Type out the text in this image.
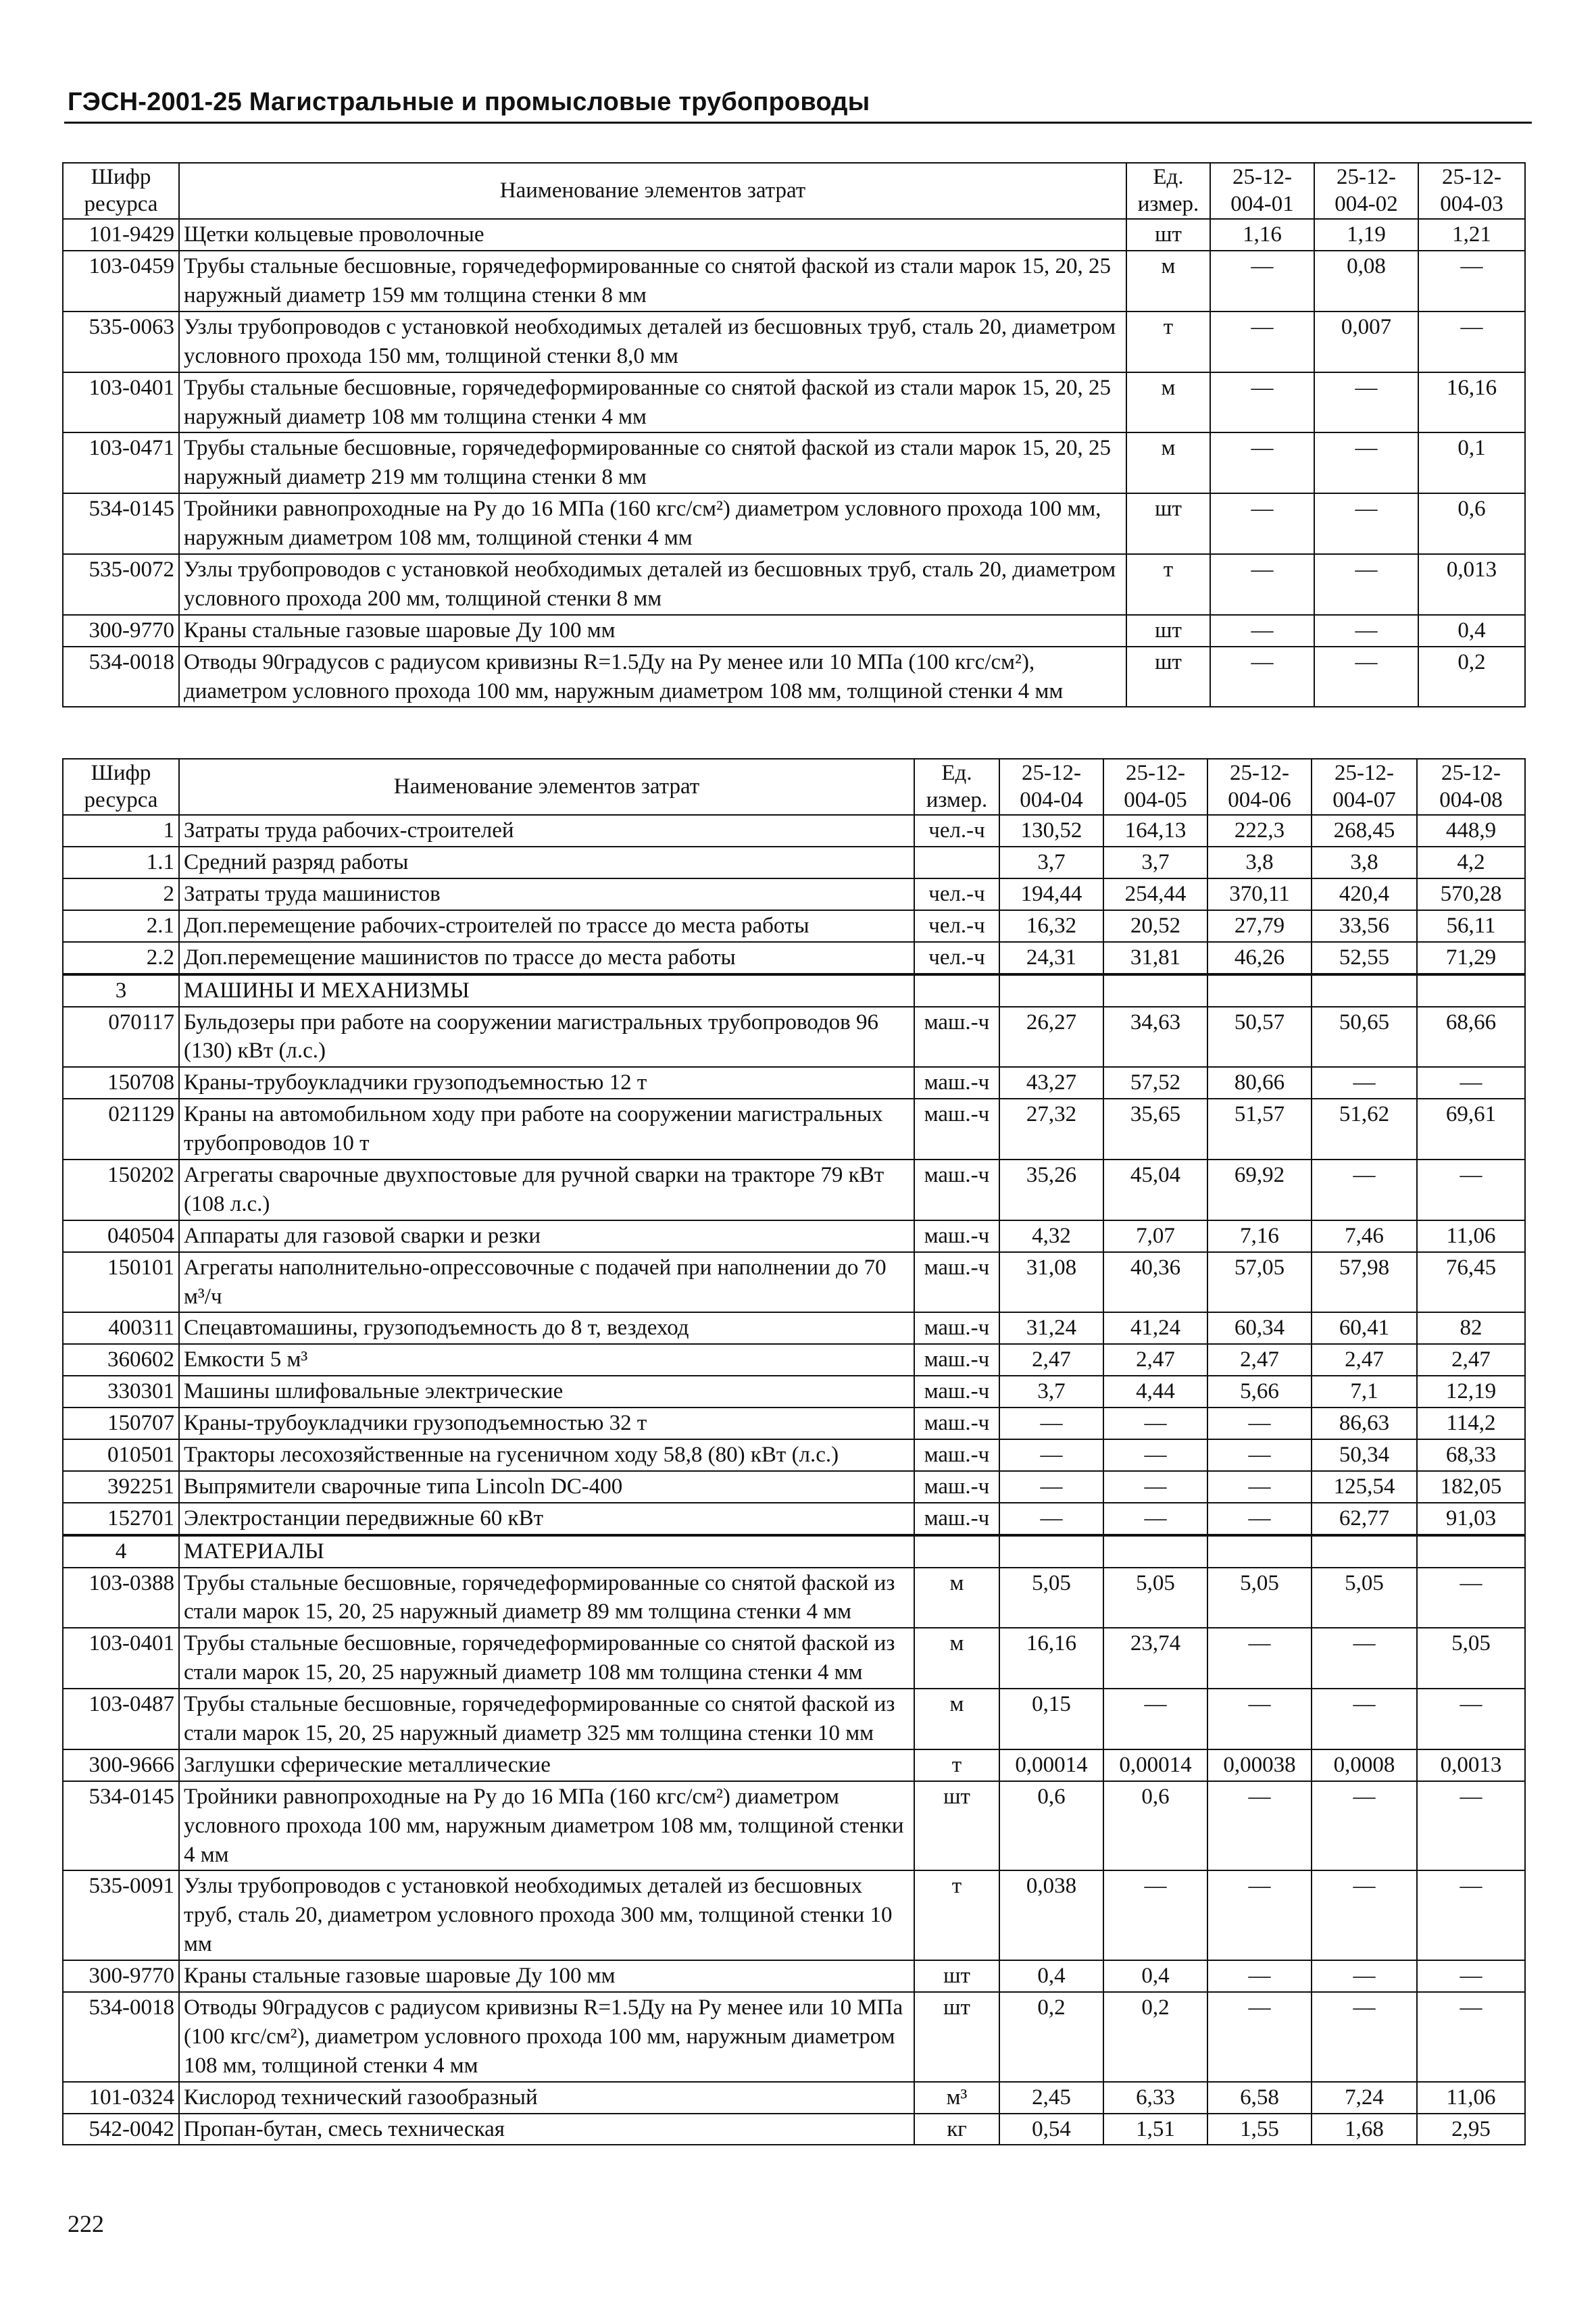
ГЭСН-2001-25 Магистральные и промысловые трубопроводы
Шифр ресурса	Наименование элементов затрат	Ед. измер.	25-12-004-01	25-12-004-02	25-12-004-03
101-9429	Щетки кольцевые проволочные	шт	1,16	1,19	1,21
103-0459	Трубы стальные бесшовные, горячедеформированные со снятой фаской из стали марок 15, 20, 25 наружный диаметр 159 мм толщина стенки 8 мм	м	—	0,08	—
535-0063	Узлы трубопроводов с установкой необходимых деталей из бесшовных труб, сталь 20, диаметром условного прохода 150 мм, толщиной стенки 8,0 мм	т	—	0,007	—
103-0401	Трубы стальные бесшовные, горячедеформированные со снятой фаской из стали марок 15, 20, 25 наружный диаметр 108 мм толщина стенки 4 мм	м	—	—	16,16
103-0471	Трубы стальные бесшовные, горячедеформированные со снятой фаской из стали марок 15, 20, 25 наружный диаметр 219 мм толщина стенки 8 мм	м	—	—	0,1
534-0145	Тройники равнопроходные на Ру до 16 МПа (160 кгс/см²) диаметром условного прохода 100 мм, наружным диаметром 108 мм, толщиной стенки 4 мм	шт	—	—	0,6
535-0072	Узлы трубопроводов с установкой необходимых деталей из бесшовных труб, сталь 20, диаметром условного прохода 200 мм, толщиной стенки 8 мм	т	—	—	0,013
300-9770	Краны стальные газовые шаровые Ду 100 мм	шт	—	—	0,4
534-0018	Отводы 90градусов с радиусом кривизны R=1.5Ду на Ру менее или 10 МПа (100 кгс/см²), диаметром условного прохода 100 мм, наружным диаметром 108 мм, толщиной стенки 4 мм	шт	—	—	0,2
Шифр ресурса	Наименование элементов затрат	Ед. измер.	25-12-004-04	25-12-004-05	25-12-004-06	25-12-004-07	25-12-004-08
1	Затраты труда рабочих-строителей	чел.-ч	130,52	164,13	222,3	268,45	448,9
1.1	Средний разряд работы		3,7	3,7	3,8	3,8	4,2
2	Затраты труда машинистов	чел.-ч	194,44	254,44	370,11	420,4	570,28
2.1	Доп.перемещение рабочих-строителей по трассе до места работы	чел.-ч	16,32	20,52	27,79	33,56	56,11
2.2	Доп.перемещение машинистов по трассе до места работы	чел.-ч	24,31	31,81	46,26	52,55	71,29
3	МАШИНЫ И МЕХАНИЗМЫ						
070117	Бульдозеры при работе на сооружении магистральных трубопроводов 96 (130) кВт (л.с.)	маш.-ч	26,27	34,63	50,57	50,65	68,66
150708	Краны-трубоукладчики грузоподъемностью 12 т	маш.-ч	43,27	57,52	80,66	—	—
021129	Краны на автомобильном ходу при работе на сооружении магистральных трубопроводов 10 т	маш.-ч	27,32	35,65	51,57	51,62	69,61
150202	Агрегаты сварочные двухпостовые для ручной сварки на тракторе 79 кВт (108 л.с.)	маш.-ч	35,26	45,04	69,92	—	—
040504	Аппараты для газовой сварки и резки	маш.-ч	4,32	7,07	7,16	7,46	11,06
150101	Агрегаты наполнительно-опрессовочные с подачей при наполнении до 70 м³/ч	маш.-ч	31,08	40,36	57,05	57,98	76,45
400311	Спецавтомашины, грузоподъемность до 8 т, вездеход	маш.-ч	31,24	41,24	60,34	60,41	82
360602	Емкости 5 м³	маш.-ч	2,47	2,47	2,47	2,47	2,47
330301	Машины шлифовальные электрические	маш.-ч	3,7	4,44	5,66	7,1	12,19
150707	Краны-трубоукладчики грузоподъемностью 32 т	маш.-ч	—	—	—	86,63	114,2
010501	Тракторы лесохозяйственные на гусеничном ходу 58,8 (80) кВт (л.с.)	маш.-ч	—	—	—	50,34	68,33
392251	Выпрямители сварочные типа Lincoln DC-400	маш.-ч	—	—	—	125,54	182,05
152701	Электростанции передвижные 60 кВт	маш.-ч	—	—	—	62,77	91,03
4	МАТЕРИАЛЫ						
103-0388	Трубы стальные бесшовные, горячедеформированные со снятой фаской из стали марок 15, 20, 25 наружный диаметр 89 мм толщина стенки 4 мм	м	5,05	5,05	5,05	5,05	—
103-0401	Трубы стальные бесшовные, горячедеформированные со снятой фаской из стали марок 15, 20, 25 наружный диаметр 108 мм толщина стенки 4 мм	м	16,16	23,74	—	—	5,05
103-0487	Трубы стальные бесшовные, горячедеформированные со снятой фаской из стали марок 15, 20, 25 наружный диаметр 325 мм толщина стенки 10 мм	м	0,15	—	—	—	—
300-9666	Заглушки сферические металлические	т	0,00014	0,00014	0,00038	0,0008	0,0013
534-0145	Тройники равнопроходные на Ру до 16 МПа (160 кгс/см²) диаметром условного прохода 100 мм, наружным диаметром 108 мм, толщиной стенки 4 мм	шт	0,6	0,6	—	—	—
535-0091	Узлы трубопроводов с установкой необходимых деталей из бесшовных труб, сталь 20, диаметром условного прохода 300 мм, толщиной стенки 10 мм	т	0,038	—	—	—	—
300-9770	Краны стальные газовые шаровые Ду 100 мм	шт	0,4	0,4	—	—	—
534-0018	Отводы 90градусов с радиусом кривизны R=1.5Ду на Ру менее или 10 МПа (100 кгс/см²), диаметром условного прохода 100 мм, наружным диаметром 108 мм, толщиной стенки 4 мм	шт	0,2	0,2	—	—	—
101-0324	Кислород технический газообразный	м³	2,45	6,33	6,58	7,24	11,06
542-0042	Пропан-бутан, смесь техническая	кг	0,54	1,51	1,55	1,68	2,95
222
